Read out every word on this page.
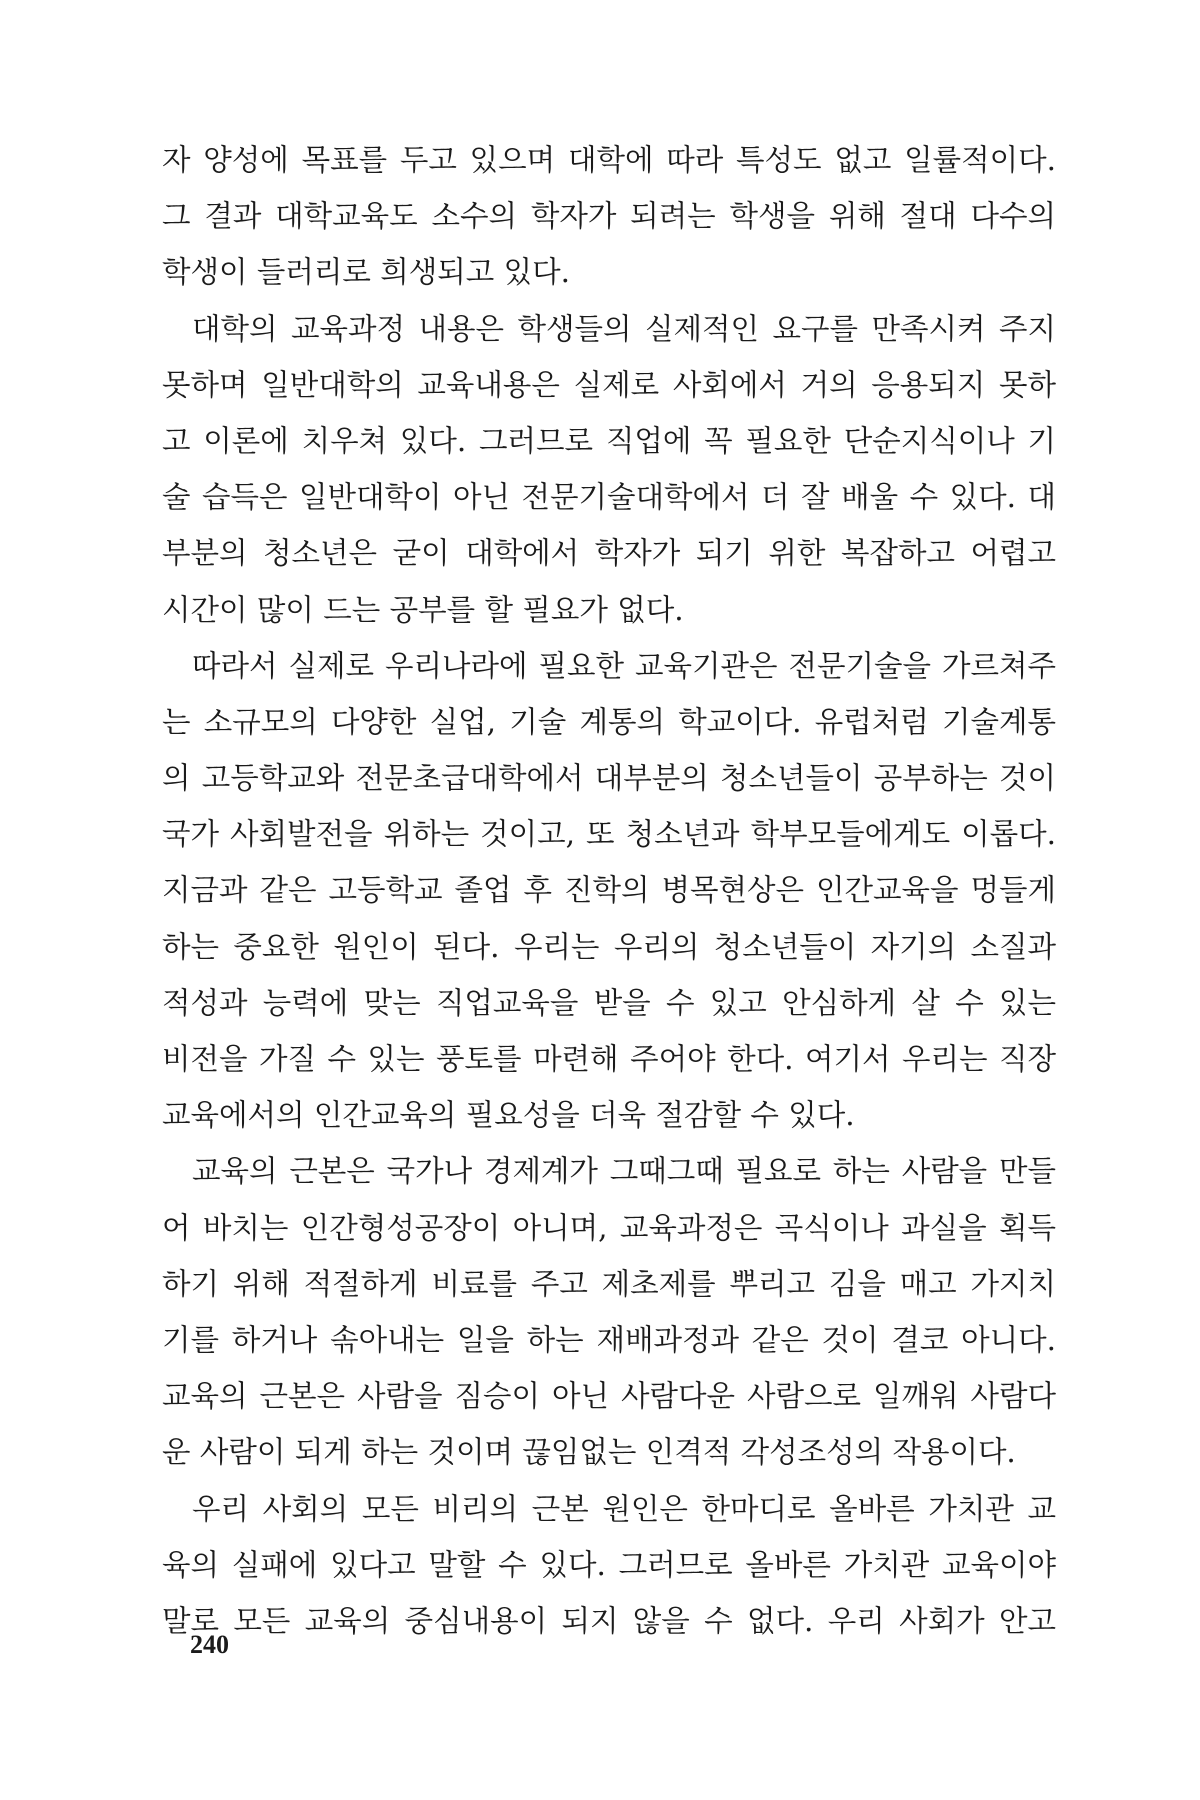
자 양성에 목표를 두고 있으며 대학에 따라 특성도 없고 일률적이다.
그 결과 대학교육도 소수의 학자가 되려는 학생을 위해 절대 다수의
학생이 들러리로 희생되고 있다.
대학의 교육과정 내용은 학생들의 실제적인 요구를 만족시켜 주지
못하며 일반대학의 교육내용은 실제로 사회에서 거의 응용되지 못하
고 이론에 치우쳐 있다. 그러므로 직업에 꼭 필요한 단순지식이나 기
술 습득은 일반대학이 아닌 전문기술대학에서 더 잘 배울 수 있다. 대
부분의 청소년은 굳이 대학에서 학자가 되기 위한 복잡하고 어렵고
시간이 많이 드는 공부를 할 필요가 없다.
따라서 실제로 우리나라에 필요한 교육기관은 전문기술을 가르쳐주
는 소규모의 다양한 실업, 기술 계통의 학교이다. 유럽처럼 기술계통
의 고등학교와 전문초급대학에서 대부분의 청소년들이 공부하는 것이
국가 사회발전을 위하는 것이고, 또 청소년과 학부모들에게도 이롭다.
지금과 같은 고등학교 졸업 후 진학의 병목현상은 인간교육을 멍들게
하는 중요한 원인이 된다. 우리는 우리의 청소년들이 자기의 소질과
적성과 능력에 맞는 직업교육을 받을 수 있고 안심하게 살 수 있는
비전을 가질 수 있는 풍토를 마련해 주어야 한다. 여기서 우리는 직장
교육에서의 인간교육의 필요성을 더욱 절감할 수 있다.
교육의 근본은 국가나 경제계가 그때그때 필요로 하는 사람을 만들
어 바치는 인간형성공장이 아니며, 교육과정은 곡식이나 과실을 획득
하기 위해 적절하게 비료를 주고 제초제를 뿌리고 김을 매고 가지치
기를 하거나 솎아내는 일을 하는 재배과정과 같은 것이 결코 아니다.
교육의 근본은 사람을 짐승이 아닌 사람다운 사람으로 일깨워 사람다
운 사람이 되게 하는 것이며 끊임없는 인격적 각성조성의 작용이다.
우리 사회의 모든 비리의 근본 원인은 한마디로 올바른 가치관 교
육의 실패에 있다고 말할 수 있다. 그러므로 올바른 가치관 교육이야
말로 모든 교육의 중심내용이 되지 않을 수 없다. 우리 사회가 안고
240
